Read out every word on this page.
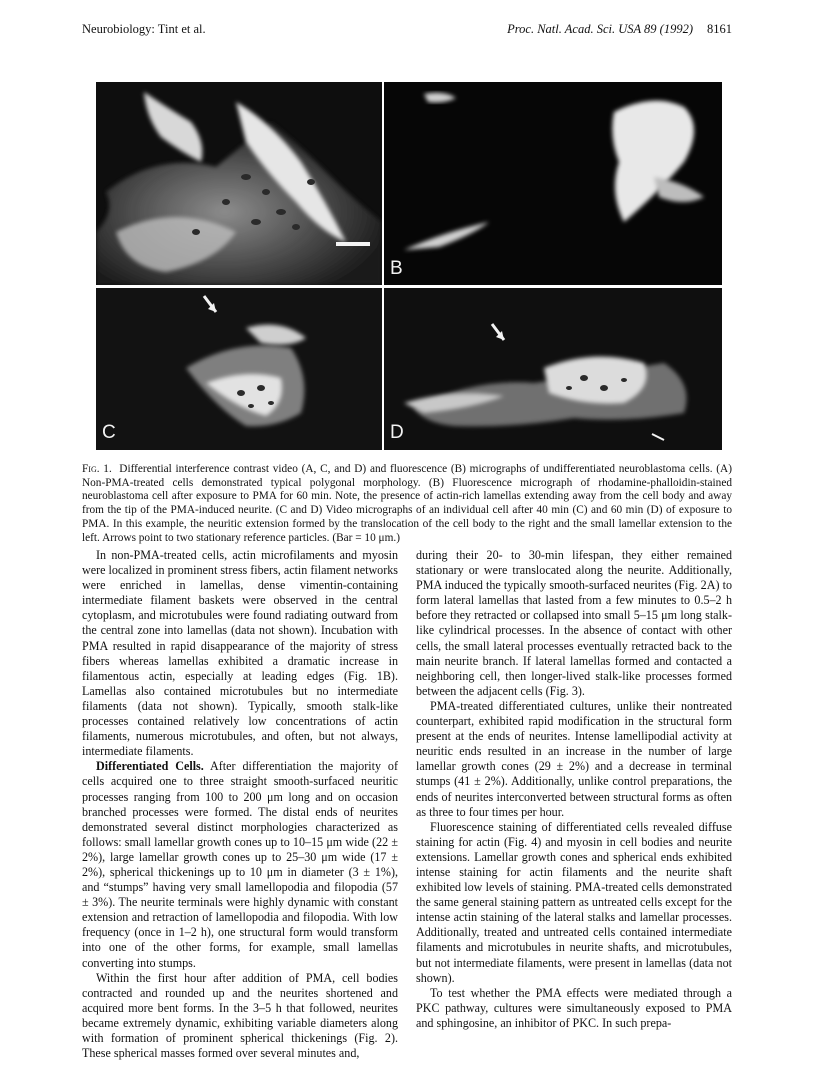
Neurobiology: Tint et al.	Proc. Natl. Acad. Sci. USA 89 (1992) 8161
B
C	D

Fig. 1. Differential interference contrast video (A, C, and D) and fluorescence (B) micrographs of undifferentiated neuroblastoma cells. (A) Non-PMA-treated cells demonstrated typical polygonal morphology. (B) Fluorescence micrograph of rhodamine-phalloidin-stained neuroblastoma cell after exposure to PMA for 60 min. Note, the presence of actin-rich lamellas extending away from the cell body and away from the tip of the PMA-induced neurite. (C and D) Video micrographs of an individual cell after 40 min (C) and 60 min (D) of exposure to PMA. In this example, the neuritic extension formed by the translocation of the cell body to the right and the small lamellar extension to the left. Arrows point to two stationary reference particles. (Bar = 10 μm.)

In non-PMA-treated cells, actin microfilaments and myosin were localized in prominent stress fibers, actin filament networks were enriched in lamellas, dense vimentin-containing intermediate filament baskets were observed in the central cytoplasm, and microtubules were found radiating outward from the central zone into lamellas (data not shown). Incubation with PMA resulted in rapid disappearance of the majority of stress fibers whereas lamellas exhibited a dramatic increase in filamentous actin, especially at leading edges (Fig. 1B). Lamellas also contained microtubules but no intermediate filaments (data not shown). Typically, smooth stalk-like processes contained relatively low concentrations of actin filaments, numerous microtubules, and often, but not always, intermediate filaments.

Differentiated Cells. After differentiation the majority of cells acquired one to three straight smooth-surfaced neuritic processes ranging from 100 to 200 μm long and on occasion branched processes were formed. The distal ends of neurites demonstrated several distinct morphologies characterized as follows: small lamellar growth cones up to 10–15 μm wide (22 ± 2%), large lamellar growth cones up to 25–30 μm wide (17 ± 2%), spherical thickenings up to 10 μm in diameter (3 ± 1%), and “stumps” having very small lamellopodia and filopodia (57 ± 3%). The neurite terminals were highly dynamic with constant extension and retraction of lamellopodia and filopodia. With low frequency (once in 1–2 h), one structural form would transform into one of the other forms, for example, small lamellas converting into stumps.

Within the first hour after addition of PMA, cell bodies contracted and rounded up and the neurites shortened and acquired more bent forms. In the 3–5 h that followed, neurites became extremely dynamic, exhibiting variable diameters along with formation of prominent spherical thickenings (Fig. 2). These spherical masses formed over several minutes and,

during their 20- to 30-min lifespan, they either remained stationary or were translocated along the neurite. Additionally, PMA induced the typically smooth-surfaced neurites (Fig. 2A) to form lateral lamellas that lasted from a few minutes to 0.5–2 h before they retracted or collapsed into small 5–15 μm long stalk-like cylindrical processes. In the absence of contact with other cells, the small lateral processes eventually retracted back to the main neurite branch. If lateral lamellas formed and contacted a neighboring cell, then longer-lived stalk-like processes formed between the adjacent cells (Fig. 3).

PMA-treated differentiated cultures, unlike their nontreated counterpart, exhibited rapid modification in the structural form present at the ends of neurites. Intense lamellipodial activity at neuritic ends resulted in an increase in the number of large lamellar growth cones (29 ± 2%) and a decrease in terminal stumps (41 ± 2%). Additionally, unlike control preparations, the ends of neurites interconverted between structural forms as often as three to four times per hour.

Fluorescence staining of differentiated cells revealed diffuse staining for actin (Fig. 4) and myosin in cell bodies and neurite extensions. Lamellar growth cones and spherical ends exhibited intense staining for actin filaments and the neurite shaft exhibited low levels of staining. PMA-treated cells demonstrated the same general staining pattern as untreated cells except for the intense actin staining of the lateral stalks and lamellar processes. Additionally, treated and untreated cells contained intermediate filaments and microtubules in neurite shafts, and microtubules, but not intermediate filaments, were present in lamellas (data not shown).

To test whether the PMA effects were mediated through a PKC pathway, cultures were simultaneously exposed to PMA and sphingosine, an inhibitor of PKC. In such prepa-
